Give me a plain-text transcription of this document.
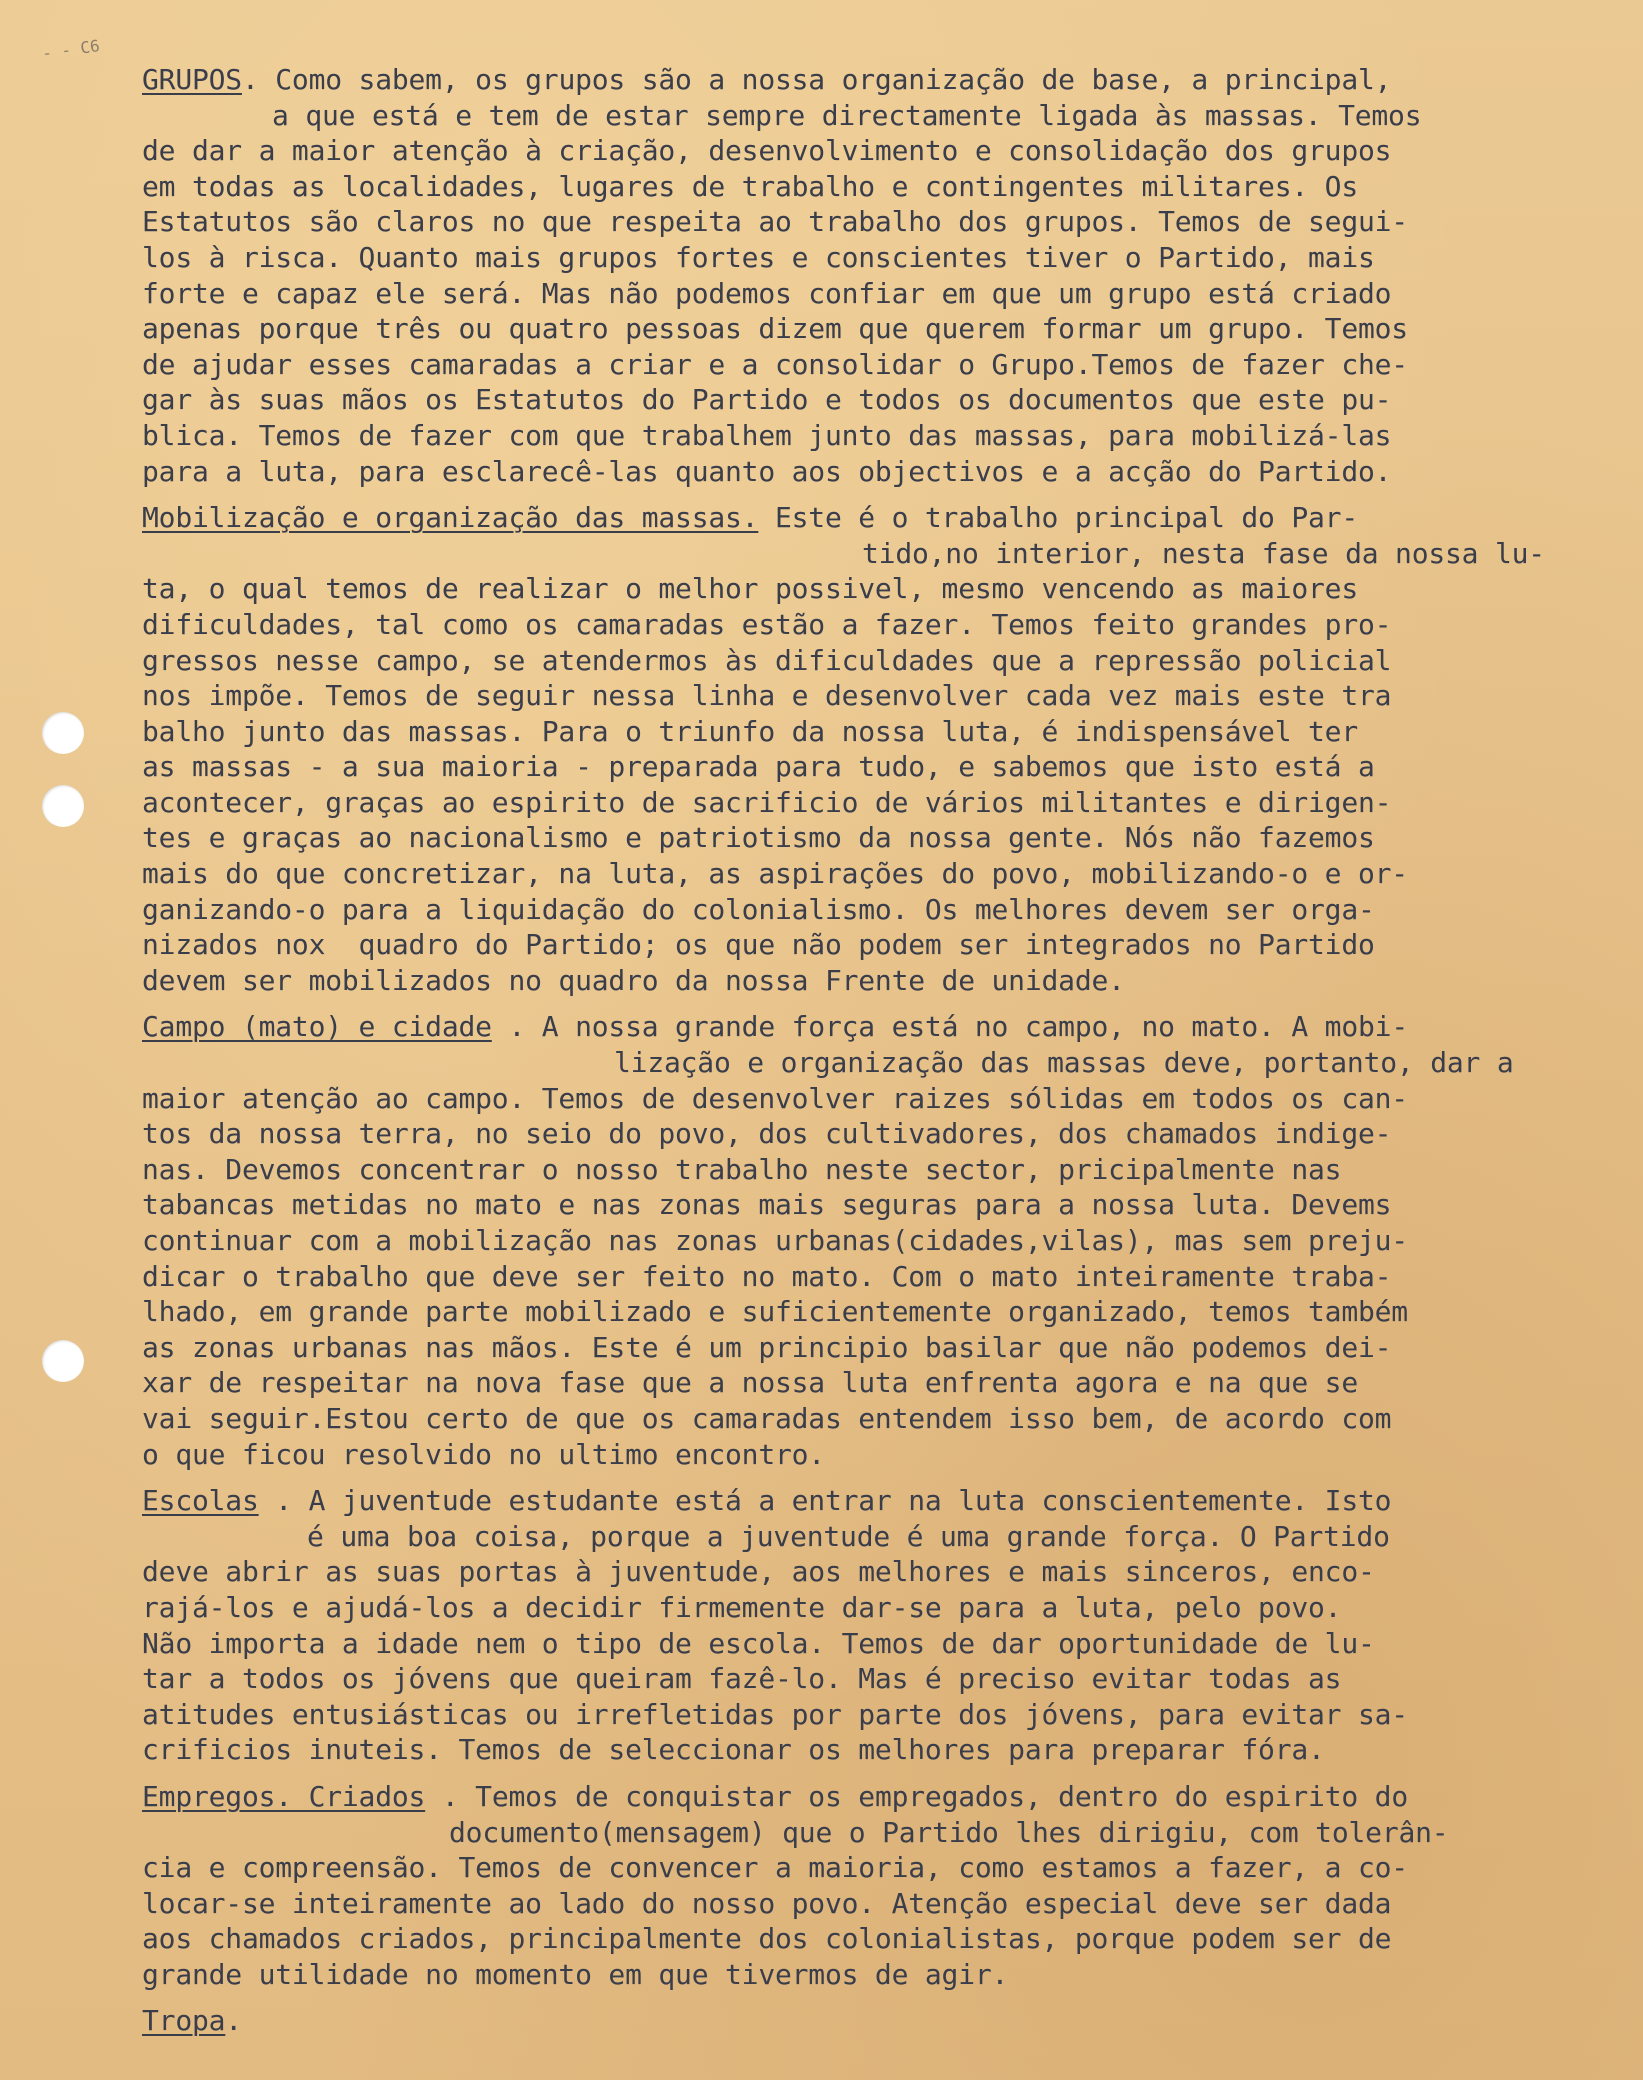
- - C6
GRUPOS. Como sabem, os grupos são a nossa organização de base, a principal,
a que está e tem de estar sempre directamente ligada às massas. Temos
de dar a maior atenção à criação, desenvolvimento e consolidação dos grupos
em todas as localidades, lugares de trabalho e contingentes militares. Os
Estatutos são claros no que respeita ao trabalho dos grupos. Temos de segui-
los à risca. Quanto mais grupos fortes e conscientes tiver o Partido, mais
forte e capaz ele será. Mas não podemos confiar em que um grupo está criado
apenas porque três ou quatro pessoas dizem que querem formar um grupo. Temos
de ajudar esses camaradas a criar e a consolidar o Grupo.Temos de fazer che-
gar às suas mãos os Estatutos do Partido e todos os documentos que este pu-
blica. Temos de fazer com que trabalhem junto das massas, para mobilizá-las
para a luta, para esclarecê-las quanto aos objectivos e a acção do Partido.
Mobilização e organização das massas. Este é o trabalho principal do Par-
tido,no interior, nesta fase da nossa lu-
ta, o qual temos de realizar o melhor possivel, mesmo vencendo as maiores
dificuldades, tal como os camaradas estão a fazer. Temos feito grandes pro-
gressos nesse campo, se atendermos às dificuldades que a repressão policial
nos impõe. Temos de seguir nessa linha e desenvolver cada vez mais este tra
balho junto das massas. Para o triunfo da nossa luta, é indispensável ter
as massas - a sua maioria - preparada para tudo, e sabemos que isto está a
acontecer, graças ao espirito de sacrificio de vários militantes e dirigen-
tes e graças ao nacionalismo e patriotismo da nossa gente. Nós não fazemos
mais do que concretizar, na luta, as aspirações do povo, mobilizando-o e or-
ganizando-o para a liquidação do colonialismo. Os melhores devem ser orga-
nizados nox  quadro do Partido; os que não podem ser integrados no Partido
devem ser mobilizados no quadro da nossa Frente de unidade.
Campo (mato) e cidade . A nossa grande força está no campo, no mato. A mobi-
lização e organização das massas deve, portanto, dar a
maior atenção ao campo. Temos de desenvolver raizes sólidas em todos os can-
tos da nossa terra, no seio do povo, dos cultivadores, dos chamados indige-
nas. Devemos concentrar o nosso trabalho neste sector, pricipalmente nas
tabancas metidas no mato e nas zonas mais seguras para a nossa luta. Devems
continuar com a mobilização nas zonas urbanas(cidades,vilas), mas sem preju-
dicar o trabalho que deve ser feito no mato. Com o mato inteiramente traba-
lhado, em grande parte mobilizado e suficientemente organizado, temos também
as zonas urbanas nas mãos. Este é um principio basilar que não podemos dei-
xar de respeitar na nova fase que a nossa luta enfrenta agora e na que se
vai seguir.Estou certo de que os camaradas entendem isso bem, de acordo com
o que ficou resolvido no ultimo encontro.
Escolas . A juventude estudante está a entrar na luta conscientemente. Isto
é uma boa coisa, porque a juventude é uma grande força. O Partido
deve abrir as suas portas à juventude, aos melhores e mais sinceros, enco-
rajá-los e ajudá-los a decidir firmemente dar-se para a luta, pelo povo.
Não importa a idade nem o tipo de escola. Temos de dar oportunidade de lu-
tar a todos os jóvens que queiram fazê-lo. Mas é preciso evitar todas as
atitudes entusiásticas ou irrefletidas por parte dos jóvens, para evitar sa-
crificios inuteis. Temos de seleccionar os melhores para preparar fóra.
Empregos. Criados . Temos de conquistar os empregados, dentro do espirito do
documento(mensagem) que o Partido lhes dirigiu, com tolerân-
cia e compreensão. Temos de convencer a maioria, como estamos a fazer, a co-
locar-se inteiramente ao lado do nosso povo. Atenção especial deve ser dada
aos chamados criados, principalmente dos colonialistas, porque podem ser de
grande utilidade no momento em que tivermos de agir.
Tropa.
